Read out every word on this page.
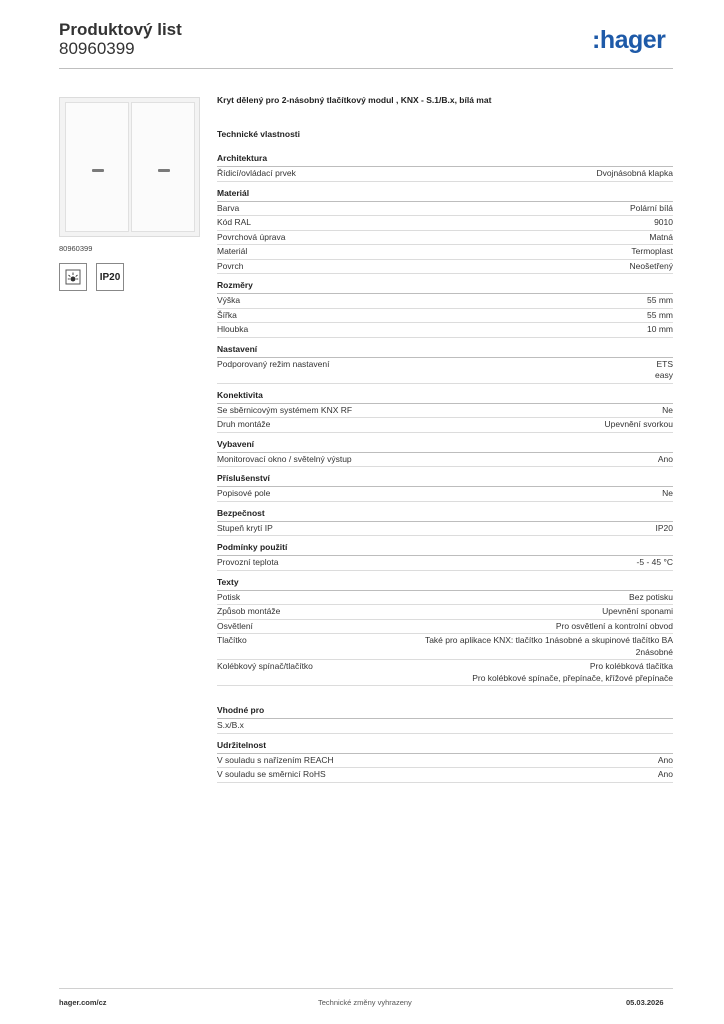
Produktový list
80960399	:hager
80960399
IP20
Kryt dělený pro 2-násobný tlačítkový modul , KNX - S.1/B.x, bílá mat
Technické vlastnosti
Architektura
Řídicí/ovládací prvek	Dvojnásobná klapka
Materiál
Barva	Polární bílá
Kód RAL	9010
Povrchová úprava	Matná
Materiál	Termoplast
Povrch	Neošetřený
Rozměry
Výška	55 mm
Šířka	55 mm
Hloubka	10 mm
Nastavení
Podporovaný režim nastavení	ETS
easy
Konektivita
Se sběrnicovým systémem KNX RF	Ne
Druh montáže	Upevnění svorkou
Vybavení
Monitorovací okno / světelný výstup	Ano
Příslušenství
Popisové pole	Ne
Bezpečnost
Stupeň krytí IP	IP20
Podmínky použití
Provozní teplota	-5 - 45 °C
Texty
Potisk	Bez potisku
Způsob montáže	Upevnění sponami
Osvětlení	Pro osvětlení a kontrolní obvod
Tlačítko	Také pro aplikace KNX: tlačítko 1násobné a skupinové tlačítko BA
2násobné
Kolébkový spínač/tlačítko	Pro kolébková tlačítka
Pro kolébkové spínače, přepínače, křížové přepínače
Vhodné pro
S.x/B.x
Udržitelnost
V souladu s nařízením REACH	Ano
V souladu se směrnicí RoHS	Ano
hager.com/cz	Technické změny vyhrazeny	05.03.2026
